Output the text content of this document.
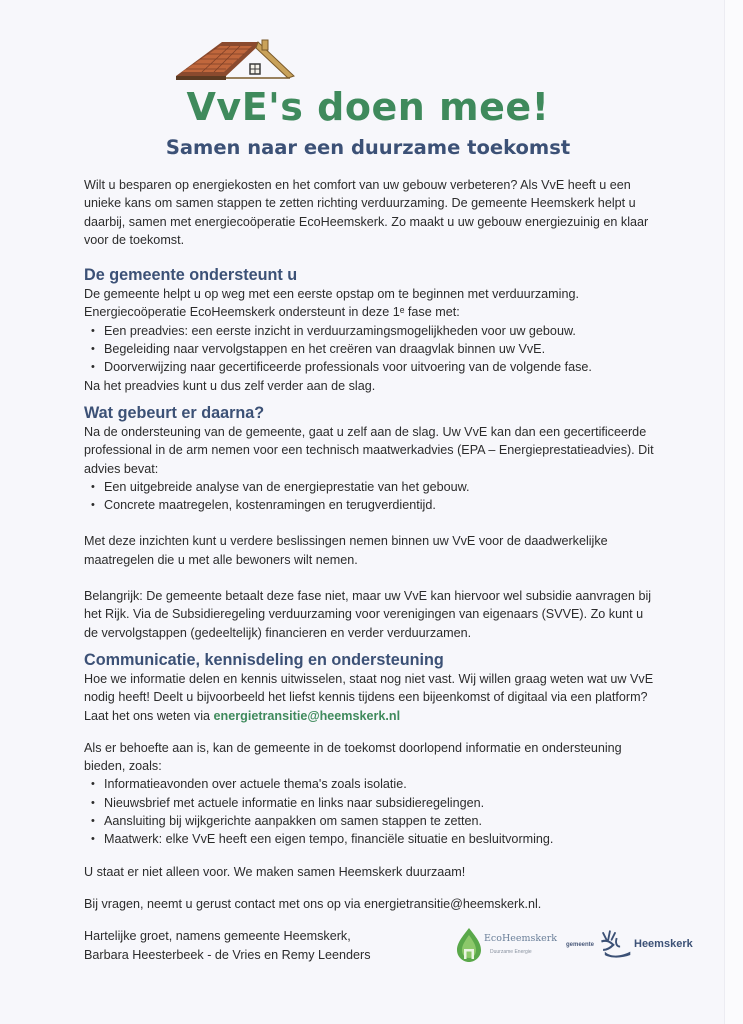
VvE's doen mee!
Samen naar een duurzame toekomst

Wilt u besparen op energiekosten en het comfort van uw gebouw verbeteren? Als VvE heeft u een unieke kans om samen stappen te zetten richting verduurzaming. De gemeente Heemskerk helpt u daarbij, samen met energiecoöperatie EcoHeemskerk. Zo maakt u uw gebouw energiezuinig en klaar voor de toekomst.

De gemeente ondersteunt u

De gemeente helpt u op weg met een eerste opstap om te beginnen met verduurzaming.

Energiecoöperatie EcoHeemskerk ondersteunt in deze 1ᵉ fase met:

• Een preadvies: een eerste inzicht in verduurzamingsmogelijkheden voor uw gebouw.
• Begeleiding naar vervolgstappen en het creëren van draagvlak binnen uw VvE.
• Doorverwijzing naar gecertificeerde professionals voor uitvoering van de volgende fase.

Na het preadvies kunt u dus zelf verder aan de slag.

Wat gebeurt er daarna?

Na de ondersteuning van de gemeente, gaat u zelf aan de slag. Uw VvE kan dan een gecertificeerde professional in de arm nemen voor een technisch maatwerkadvies (EPA – Energieprestatieadvies). Dit advies bevat:

• Een uitgebreide analyse van de energieprestatie van het gebouw.
• Concrete maatregelen, kostenramingen en terugverdientijd.

Met deze inzichten kunt u verdere beslissingen nemen binnen uw VvE voor de daadwerkelijke maatregelen die u met alle bewoners wilt nemen.

Belangrijk: De gemeente betaalt deze fase niet, maar uw VvE kan hiervoor wel subsidie aanvragen bij het Rijk. Via de Subsidieregeling verduurzaming voor verenigingen van eigenaars (SVVE). Zo kunt u de vervolgstappen (gedeeltelijk) financieren en verder verduurzamen.

Communicatie, kennisdeling en ondersteuning

Hoe we informatie delen en kennis uitwisselen, staat nog niet vast. Wij willen graag weten wat uw VvE nodig heeft! Deelt u bijvoorbeeld het liefst kennis tijdens een bijeenkomst of digitaal via een platform? Laat het ons weten via energietransitie@heemskerk.nl

Als er behoefte aan is, kan de gemeente in de toekomst doorlopend informatie en ondersteuning bieden, zoals:

• Informatieavonden over actuele thema's zoals isolatie.
• Nieuwsbrief met actuele informatie en links naar subsidieregelingen.
• Aansluiting bij wijkgerichte aanpakken om samen stappen te zetten.
• Maatwerk: elke VvE heeft een eigen tempo, financiële situatie en besluitvorming.

U staat er niet alleen voor. We maken samen Heemskerk duurzaam!

Bij vragen, neemt u gerust contact met ons op via energietransitie@heemskerk.nl.

Hartelijke groet, namens gemeente Heemskerk,

Barbara Heesterbeek - de Vries en Remy Leenders

EcoHeemskerk
Duurzame Energie
gemeente	Heemskerk
